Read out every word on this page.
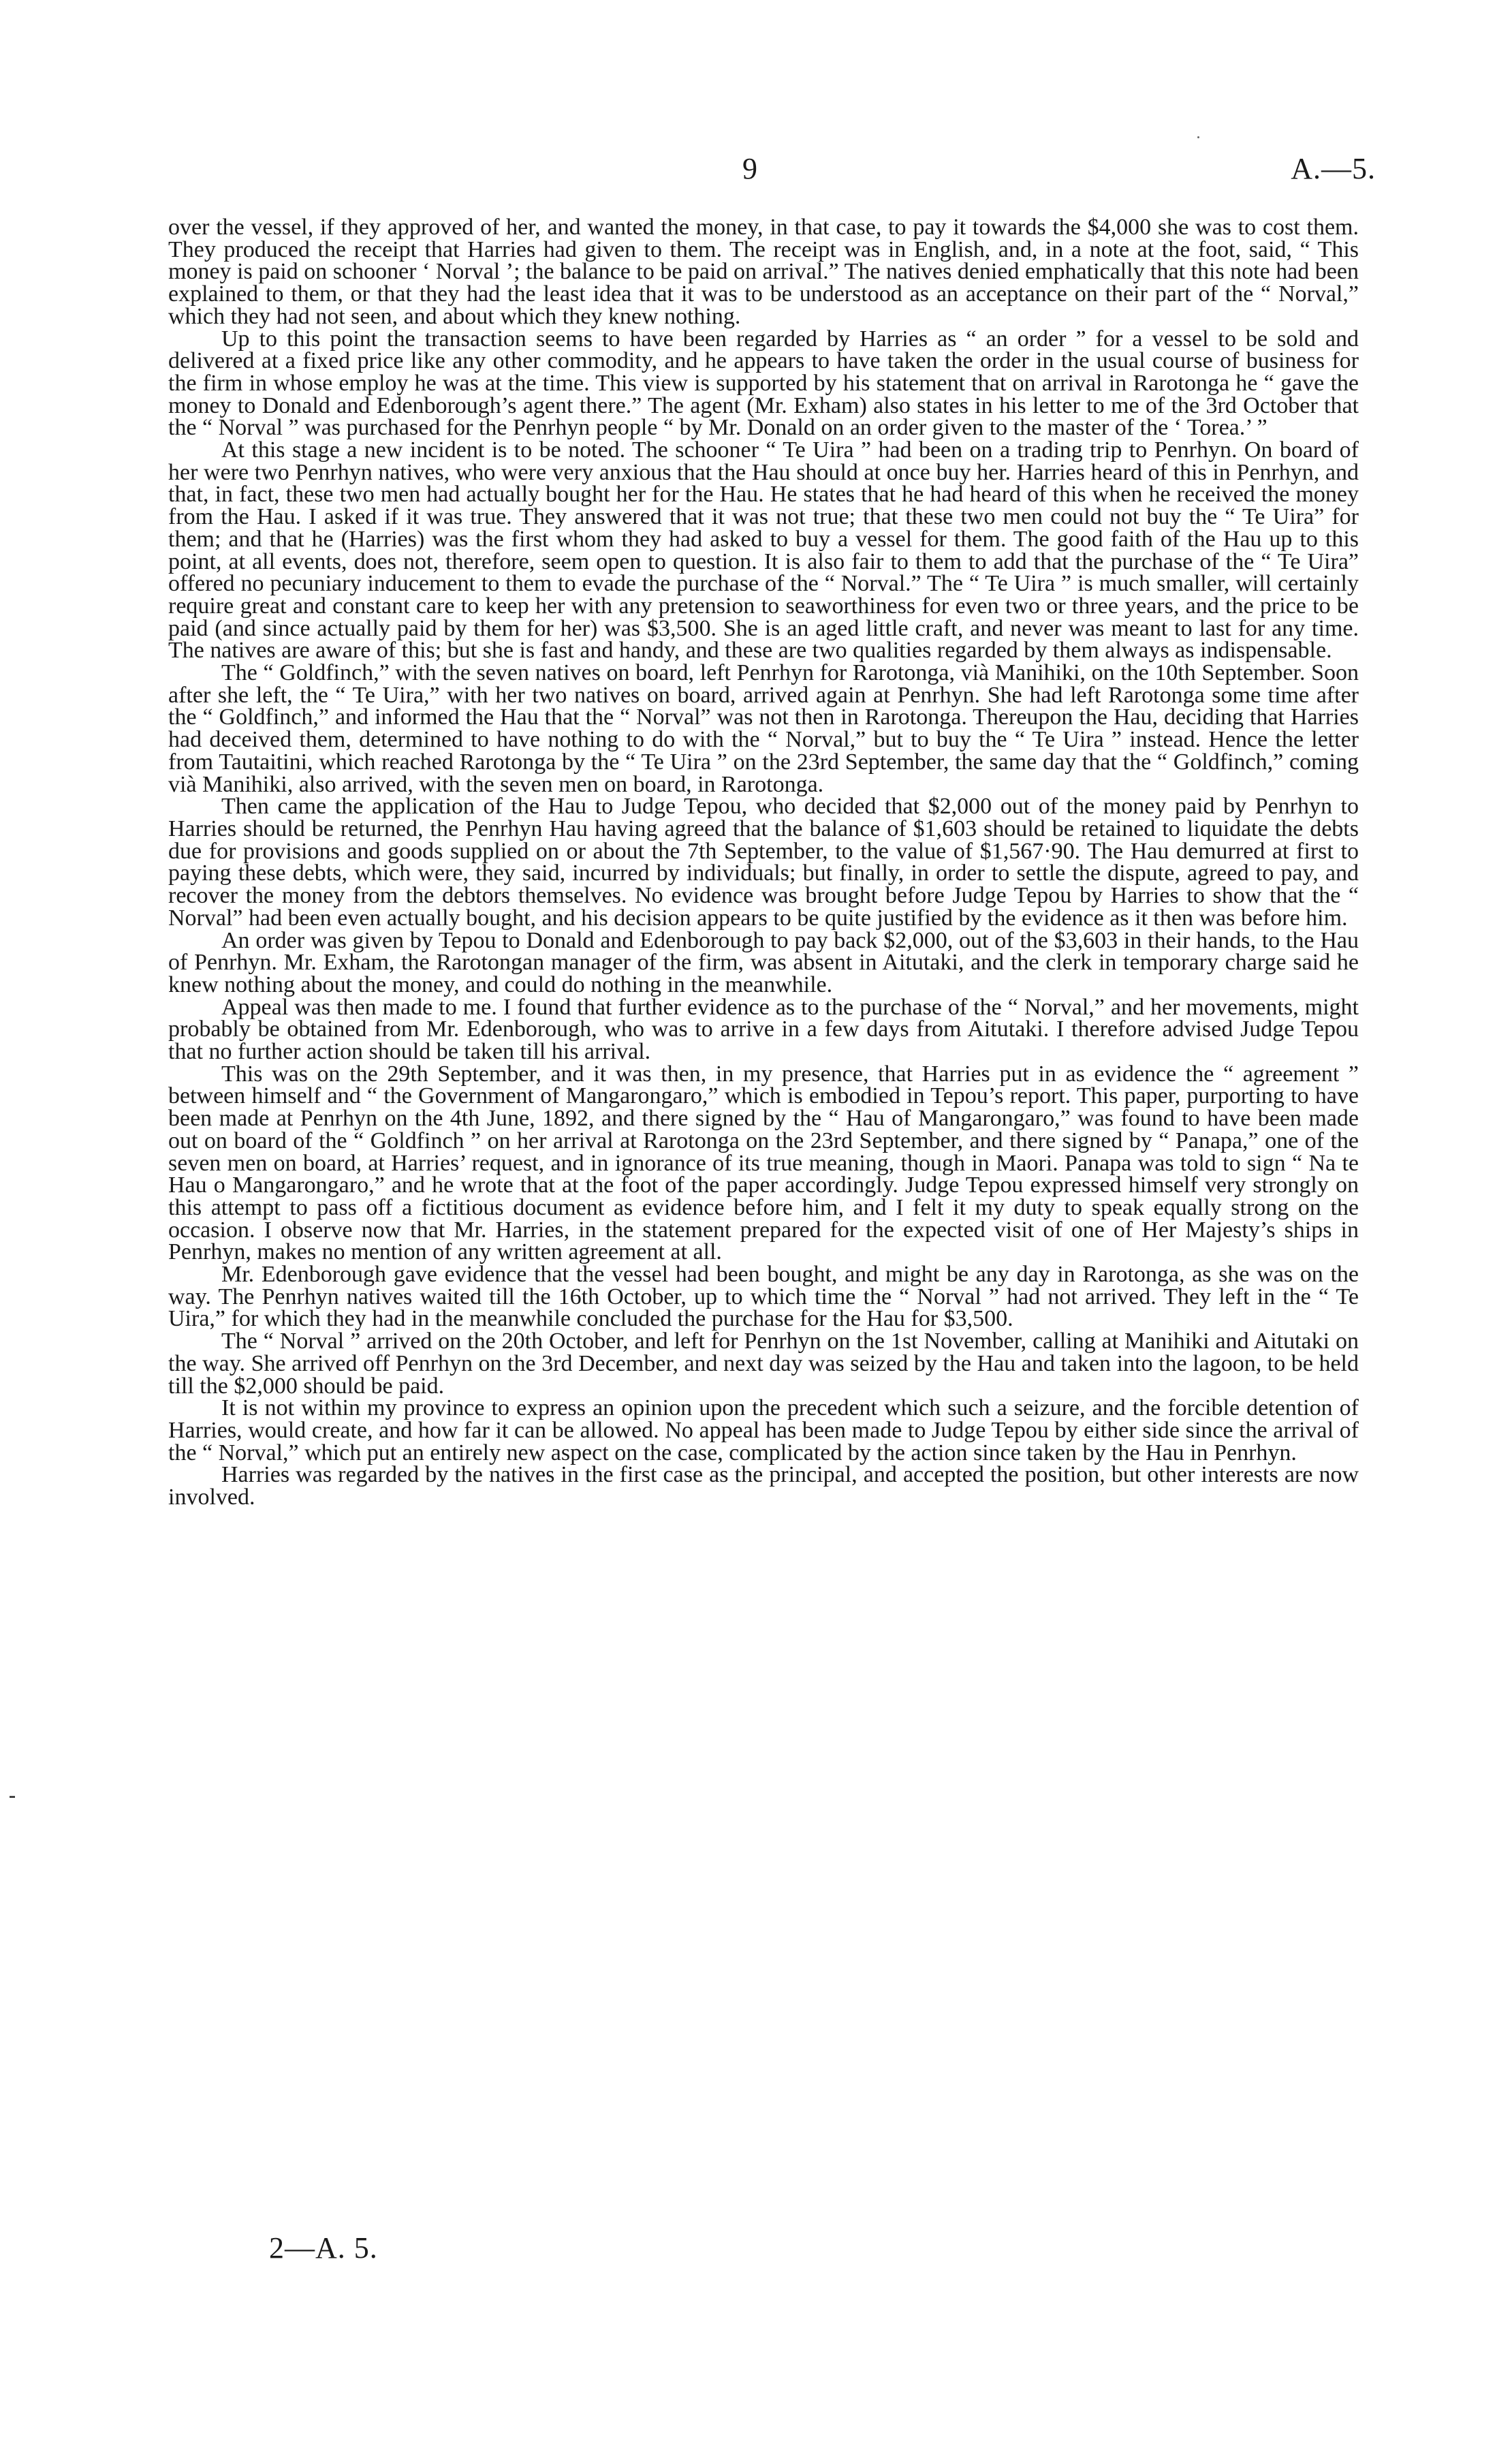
9	A.—5.

over the vessel, if they approved of her, and wanted the money, in that case, to pay it towards the $4,000 she was to cost them. They produced the receipt that Harries had given to them. The receipt was in English, and, in a note at the foot, said, “ This money is paid on schooner ‘ Norval ’; the balance to be paid on arrival.” The natives denied emphatically that this note had been explained to them, or that they had the least idea that it was to be understood as an acceptance on their part of the “ Norval,” which they had not seen, and about which they knew nothing.

Up to this point the transaction seems to have been regarded by Harries as “ an order ” for a vessel to be sold and delivered at a fixed price like any other commodity, and he appears to have taken the order in the usual course of business for the firm in whose employ he was at the time. This view is supported by his statement that on arrival in Rarotonga he “ gave the money to Donald and Edenborough’s agent there.” The agent (Mr. Exham) also states in his letter to me of the 3rd October that the “ Norval ” was purchased for the Penrhyn people “ by Mr. Donald on an order given to the master of the ‘ Torea.’ ”

At this stage a new incident is to be noted. The schooner “ Te Uira ” had been on a trading trip to Penrhyn. On board of her were two Penrhyn natives, who were very anxious that the Hau should at once buy her. Harries heard of this in Penrhyn, and that, in fact, these two men had actually bought her for the Hau. He states that he had heard of this when he received the money from the Hau. I asked if it was true. They answered that it was not true; that these two men could not buy the “ Te Uira” for them; and that he (Harries) was the first whom they had asked to buy a vessel for them. The good faith of the Hau up to this point, at all events, does not, therefore, seem open to question. It is also fair to them to add that the purchase of the “ Te Uira” offered no pecuniary inducement to them to evade the purchase of the “ Norval.” The “ Te Uira ” is much smaller, will certainly require great and constant care to keep her with any pretension to seaworthiness for even two or three years, and the price to be paid (and since actually paid by them for her) was $3,500. She is an aged little craft, and never was meant to last for any time. The natives are aware of this; but she is fast and handy, and these are two qualities regarded by them always as indispensable.

The “ Goldfinch,” with the seven natives on board, left Penrhyn for Rarotonga, vià Manihiki, on the 10th September. Soon after she left, the “ Te Uira,” with her two natives on board, arrived again at Penrhyn. She had left Rarotonga some time after the “ Goldfinch,” and informed the Hau that the “ Norval” was not then in Rarotonga. Thereupon the Hau, deciding that Harries had deceived them, determined to have nothing to do with the “ Norval,” but to buy the “ Te Uira ” instead. Hence the letter from Tautaitini, which reached Rarotonga by the “ Te Uira ” on the 23rd September, the same day that the “ Goldfinch,” coming vià Manihiki, also arrived, with the seven men on board, in Rarotonga.

Then came the application of the Hau to Judge Tepou, who decided that $2,000 out of the money paid by Penrhyn to Harries should be returned, the Penrhyn Hau having agreed that the balance of $1,603 should be retained to liquidate the debts due for provisions and goods supplied on or about the 7th September, to the value of $1,567·90. The Hau demurred at first to paying these debts, which were, they said, incurred by individuals; but finally, in order to settle the dispute, agreed to pay, and recover the money from the debtors themselves. No evidence was brought before Judge Tepou by Harries to show that the “ Norval” had been even actually bought, and his decision appears to be quite justified by the evidence as it then was before him.

An order was given by Tepou to Donald and Edenborough to pay back $2,000, out of the $3,603 in their hands, to the Hau of Penrhyn. Mr. Exham, the Rarotongan manager of the firm, was absent in Aitutaki, and the clerk in temporary charge said he knew nothing about the money, and could do nothing in the meanwhile.

Appeal was then made to me. I found that further evidence as to the purchase of the “ Norval,” and her movements, might probably be obtained from Mr. Edenborough, who was to arrive in a few days from Aitutaki. I therefore advised Judge Tepou that no further action should be taken till his arrival.

This was on the 29th September, and it was then, in my presence, that Harries put in as evidence the “ agreement ” between himself and “ the Government of Mangarongaro,” which is embodied in Tepou’s report. This paper, purporting to have been made at Penrhyn on the 4th June, 1892, and there signed by the “ Hau of Mangarongaro,” was found to have been made out on board of the “ Goldfinch ” on her arrival at Rarotonga on the 23rd September, and there signed by “ Panapa,” one of the seven men on board, at Harries’ request, and in ignorance of its true meaning, though in Maori. Panapa was told to sign “ Na te Hau o Mangarongaro,” and he wrote that at the foot of the paper accordingly. Judge Tepou expressed himself very strongly on this attempt to pass off a fictitious document as evidence before him, and I felt it my duty to speak equally strong on the occasion. I observe now that Mr. Harries, in the statement prepared for the expected visit of one of Her Majesty’s ships in Penrhyn, makes no mention of any written agreement at all.

Mr. Edenborough gave evidence that the vessel had been bought, and might be any day in Rarotonga, as she was on the way. The Penrhyn natives waited till the 16th October, up to which time the “ Norval ” had not arrived. They left in the “ Te Uira,” for which they had in the meanwhile concluded the purchase for the Hau for $3,500.

The “ Norval ” arrived on the 20th October, and left for Penrhyn on the 1st November, calling at Manihiki and Aitutaki on the way. She arrived off Penrhyn on the 3rd December, and next day was seized by the Hau and taken into the lagoon, to be held till the $2,000 should be paid.

It is not within my province to express an opinion upon the precedent which such a seizure, and the forcible detention of Harries, would create, and how far it can be allowed. No appeal has been made to Judge Tepou by either side since the arrival of the “ Norval,” which put an entirely new aspect on the case, complicated by the action since taken by the Hau in Penrhyn.

Harries was regarded by the natives in the first case as the principal, and accepted the position, but other interests are now involved.

2—A. 5.
